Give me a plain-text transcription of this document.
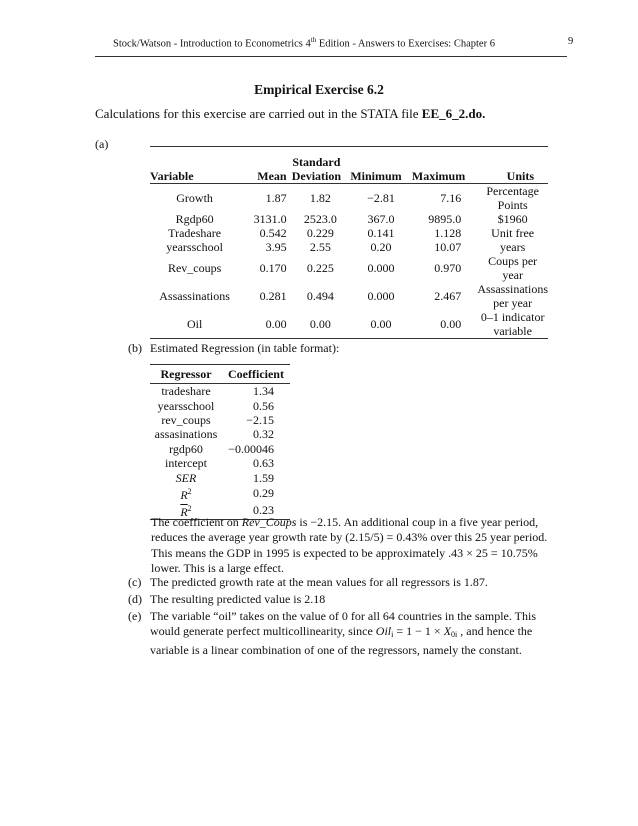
Stock/Watson - Introduction to Econometrics 4th Edition - Answers to Exercises: Chapter 6	9
Empirical Exercise 6.2
Calculations for this exercise are carried out in the STATA file EE_6_2.do.
(a)
Variable	Mean	Standard Deviation	Minimum	Maximum	Units
Growth	1.87	1.82	−2.81	7.16	Percentage Points
Rgdp60	3131.0	2523.0	367.0	9895.0	$1960
Tradeshare	0.542	0.229	0.141	1.128	Unit free
yearsschool	3.95	2.55	0.20	10.07	years
Rev_coups	0.170	0.225	0.000	0.970	Coups per year
Assassinations	0.281	0.494	0.000	2.467	Assassinations per year
Oil	0.00	0.00	0.00	0.00	0–1 indicator variable
(b) Estimated Regression (in table format):
Regressor	Coefficient
tradeshare	1.34
yearsschool	0.56
rev_coups	−2.15
assasinations	0.32
rgdp60	−0.00046
intercept	0.63
SER	1.59
$R^2$	0.29
$\overline{R}^2$	0.23
The coefficient on Rev_Coups is −2.15. An additional coup in a five year period, reduces the average year growth rate by (2.15/5) = 0.43% over this 25 year period. This means the GDP in 1995 is expected to be approximately .43 × 25 = 10.75% lower. This is a large effect.
(c) The predicted growth rate at the mean values for all regressors is 1.87.
(d) The resulting predicted value is 2.18
(e) The variable “oil” takes on the value of 0 for all 64 countries in the sample. This would generate perfect multicollinearity, since $Oil_i = 1 - 1 \times X_{0i}$ , and hence the variable is a linear combination of one of the regressors, namely the constant.
